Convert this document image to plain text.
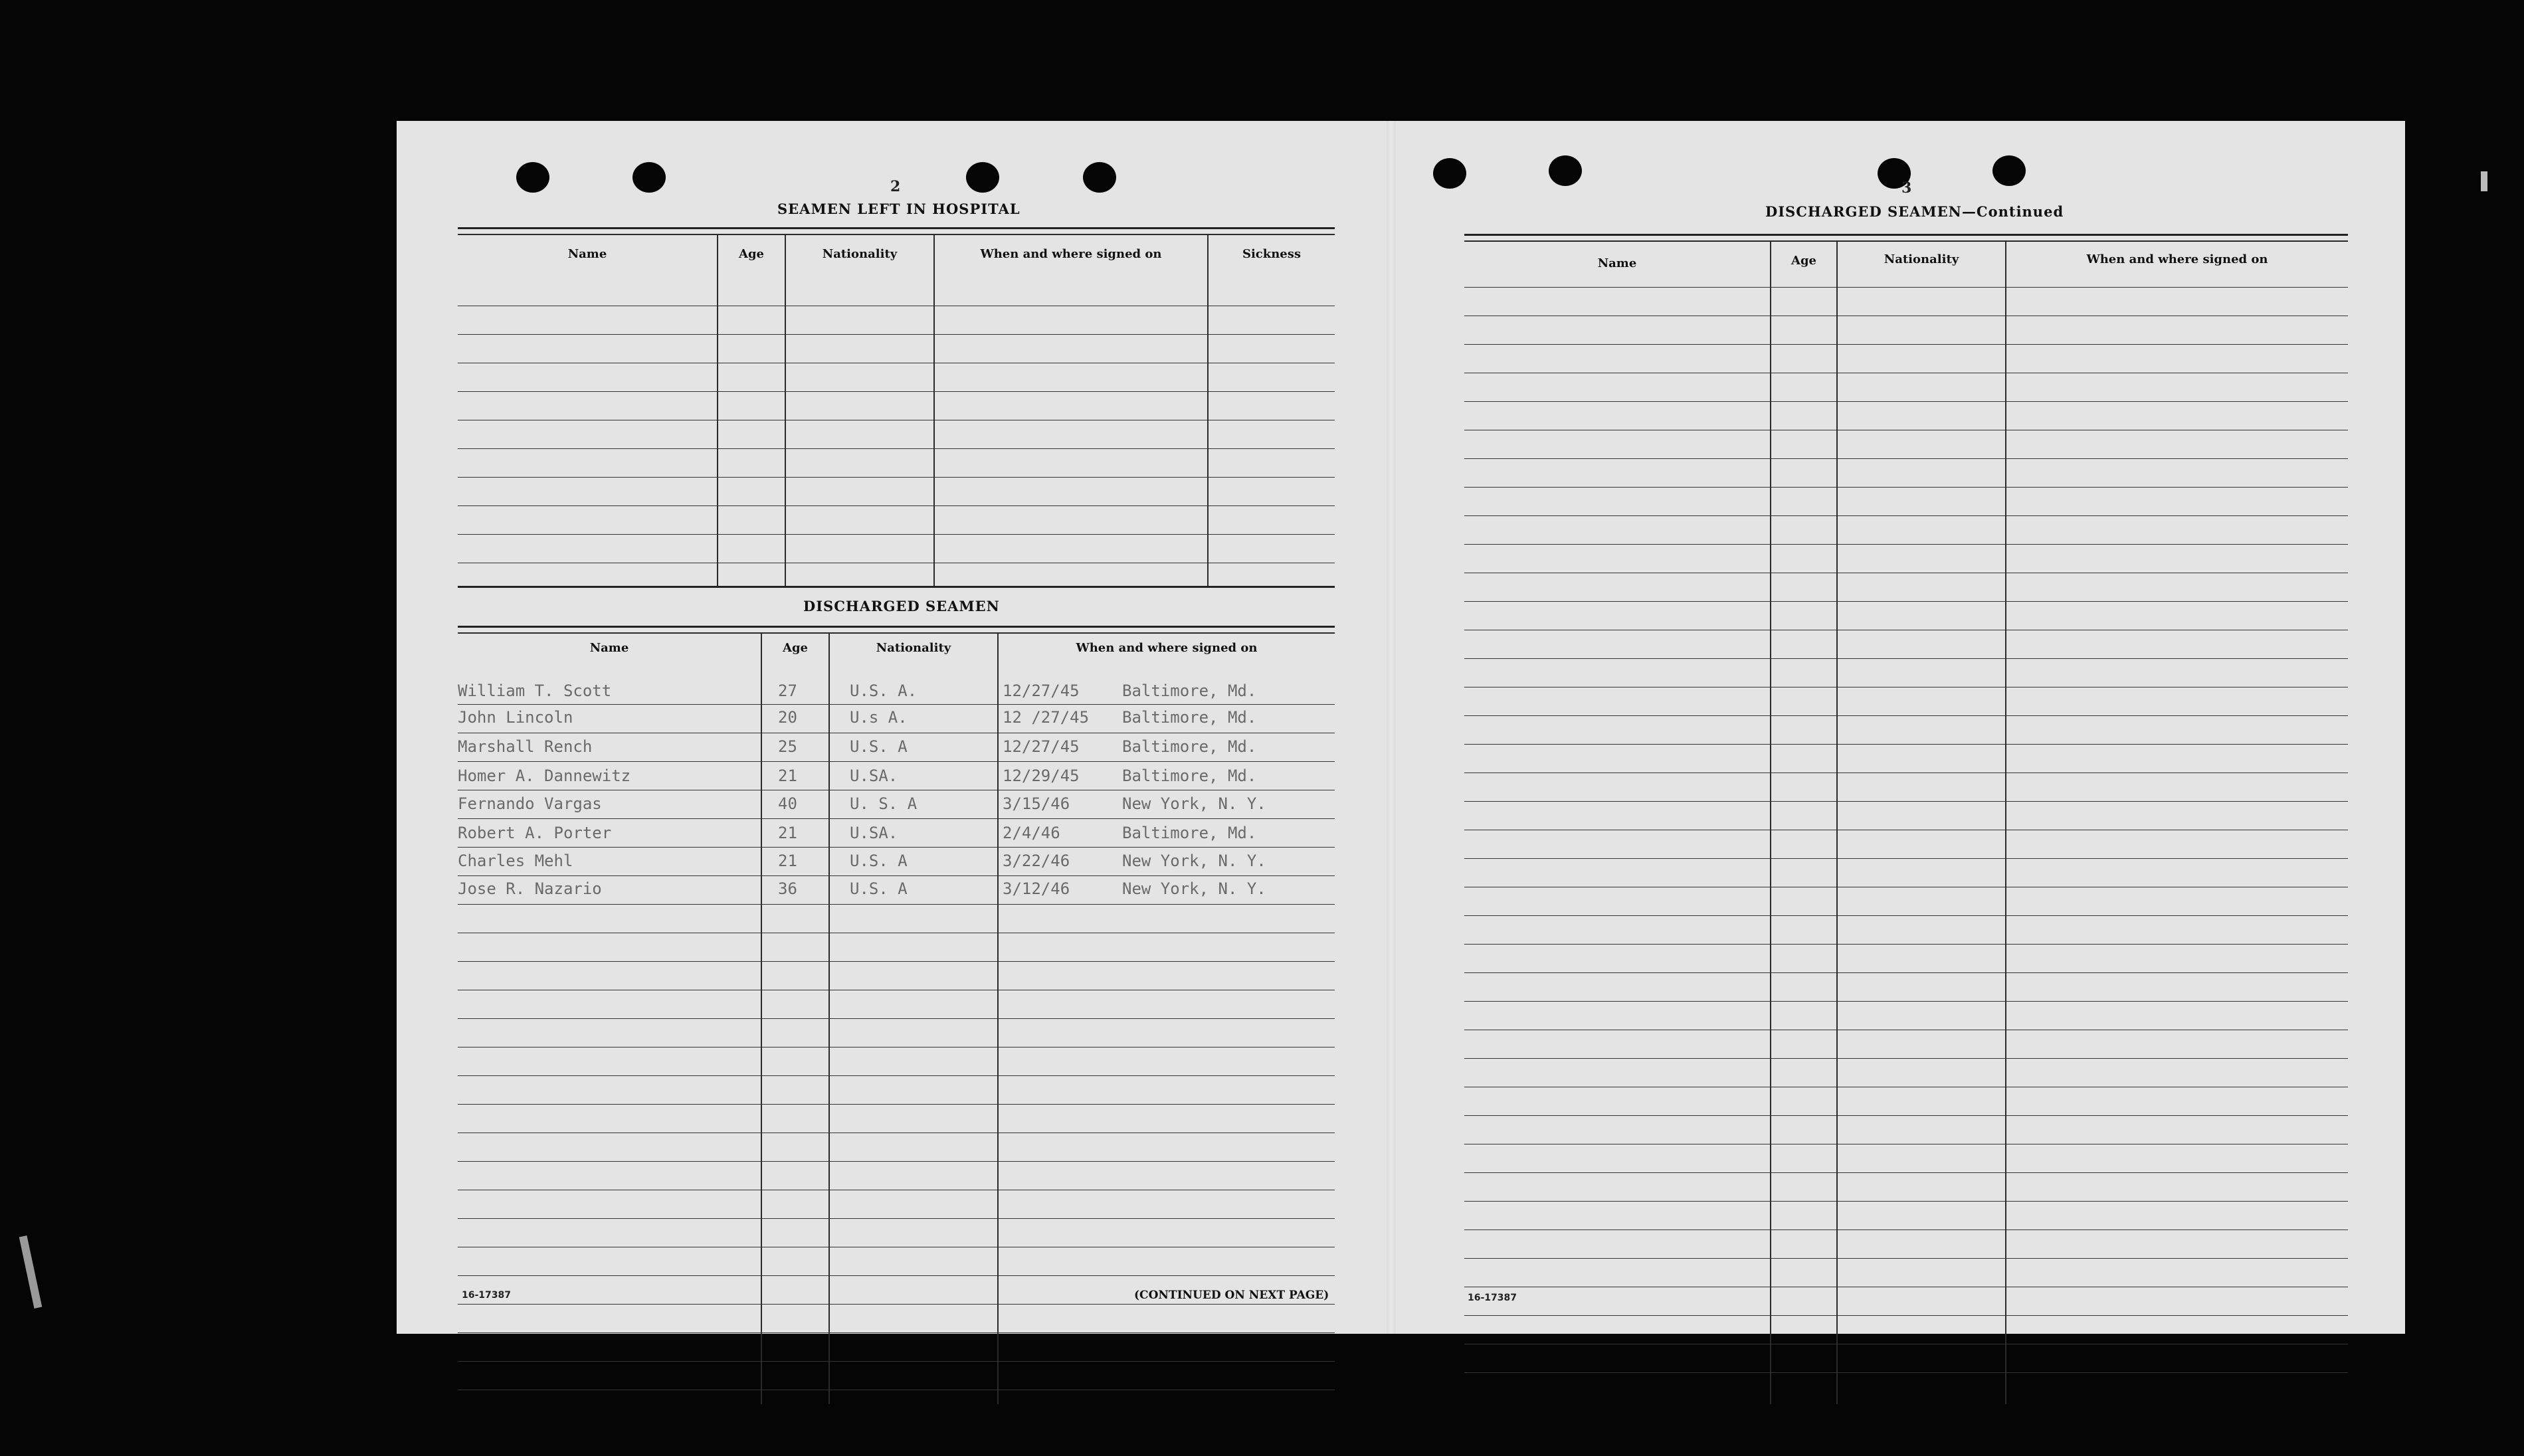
2
SEAMEN LEFT IN HOSPITAL
Name	Age	Nationality	When and where signed on	Sickness
DISCHARGED SEAMEN
Name	Age	Nationality	When and where signed on
William T. Scott	27	U.S. A.	12/27/45	Baltimore, Md.
John Lincoln	20	U.s A.	12 /27/45 Baltimore, Md.
Marshall Rench	25	U.S. A	12/27/45	Baltimore, Md.
Homer A. Dannewitz	21	U.SA.	12/29/45	Baltimore, Md.
Fernando Vargas	40	U. S. A	3/15/46	New York, N. Y.
Robert A. Porter	21	U.SA.	2/4/46	Baltimore, Md.
Charles Mehl	21	U.S. A	3/22/46	New York, N. Y.
Jose R. Nazario	36	U.S. A	3/12/46	New York, N. Y.
16-17387	(CONTINUED ON NEXT PAGE)
3
DISCHARGED SEAMEN—Continued
Name	Age	Nationality	When and where signed on
16-17387
